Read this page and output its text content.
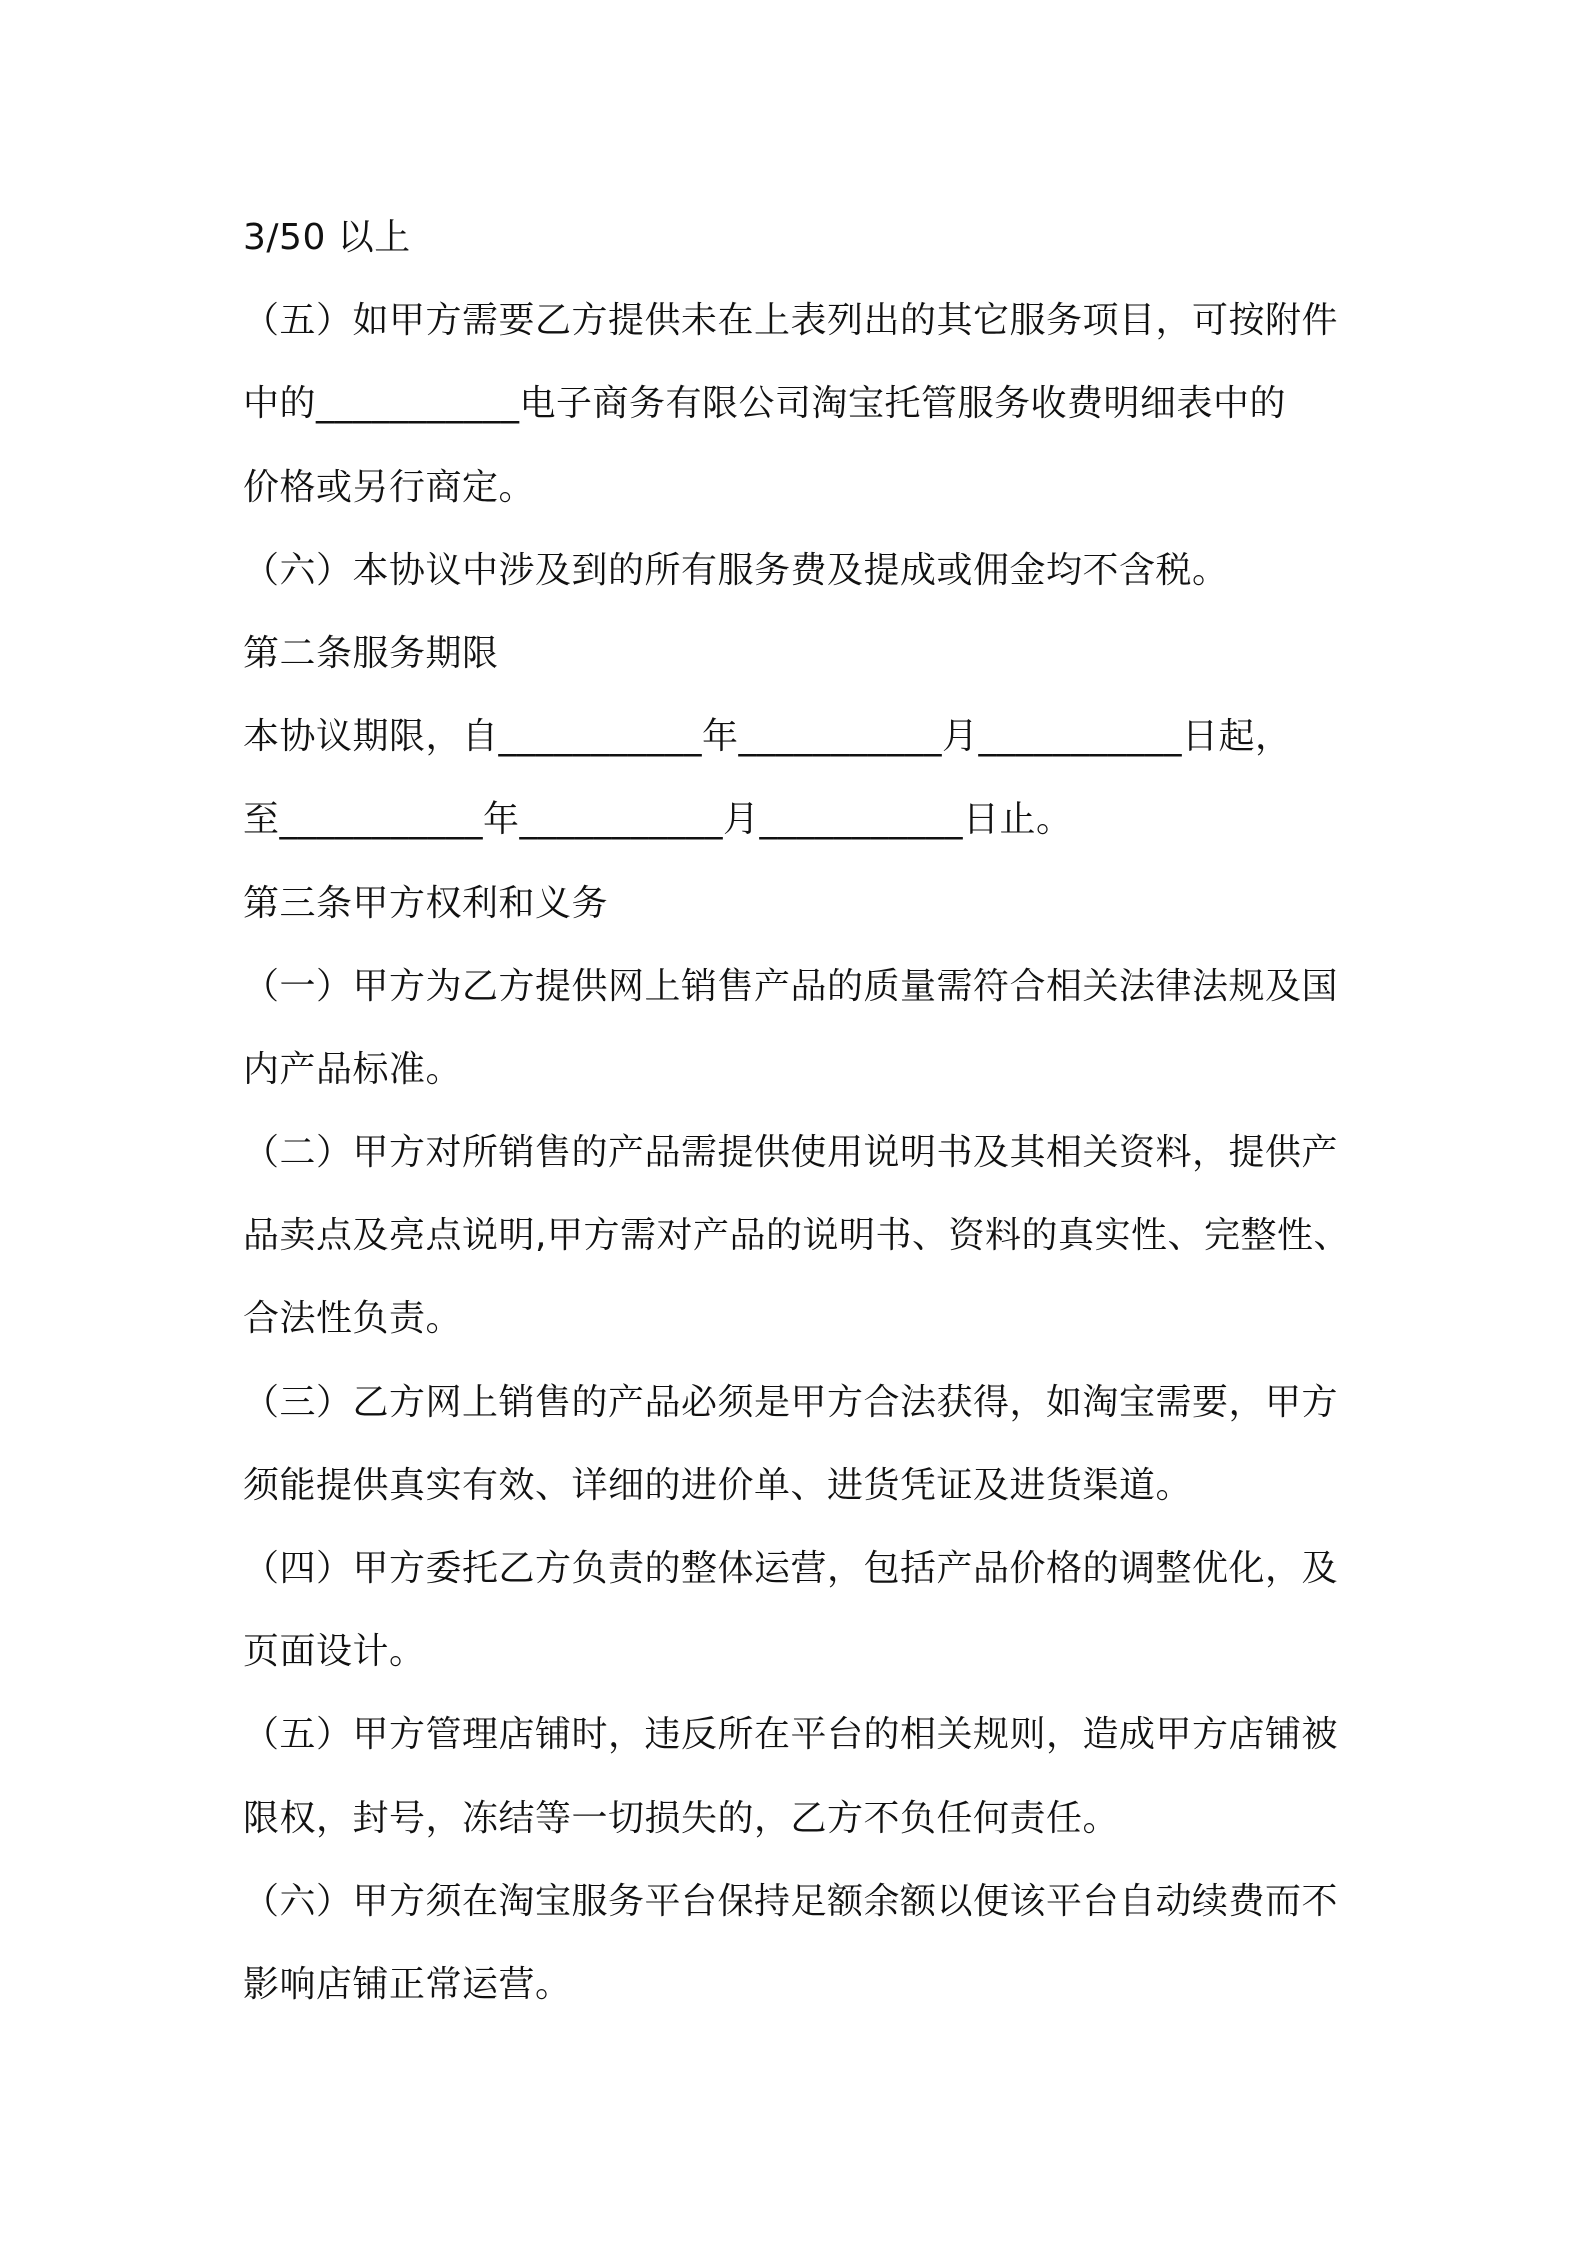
3/50 以上
（五）如甲方需要乙方提供未在上表列出的其它服务项目，可按附件
中的___________电子商务有限公司淘宝托管服务收费明细表中的
价格或另行商定。
（六）本协议中涉及到的所有服务费及提成或佣金均不含税。
第二条服务期限
本协议期限，自___________年___________月___________日起，
至___________年___________月___________日止。
第三条甲方权利和义务
（一）甲方为乙方提供网上销售产品的质量需符合相关法律法规及国
内产品标准。
（二）甲方对所销售的产品需提供使用说明书及其相关资料，提供产
品卖点及亮点说明,甲方需对产品的说明书、资料的真实性、完整性、
合法性负责。
（三）乙方网上销售的产品必须是甲方合法获得，如淘宝需要，甲方
须能提供真实有效、详细的进价单、进货凭证及进货渠道。
（四）甲方委托乙方负责的整体运营，包括产品价格的调整优化，及
页面设计。
（五）甲方管理店铺时，违反所在平台的相关规则，造成甲方店铺被
限权，封号，冻结等一切损失的，乙方不负任何责任。
（六）甲方须在淘宝服务平台保持足额余额以便该平台自动续费而不
影响店铺正常运营。
